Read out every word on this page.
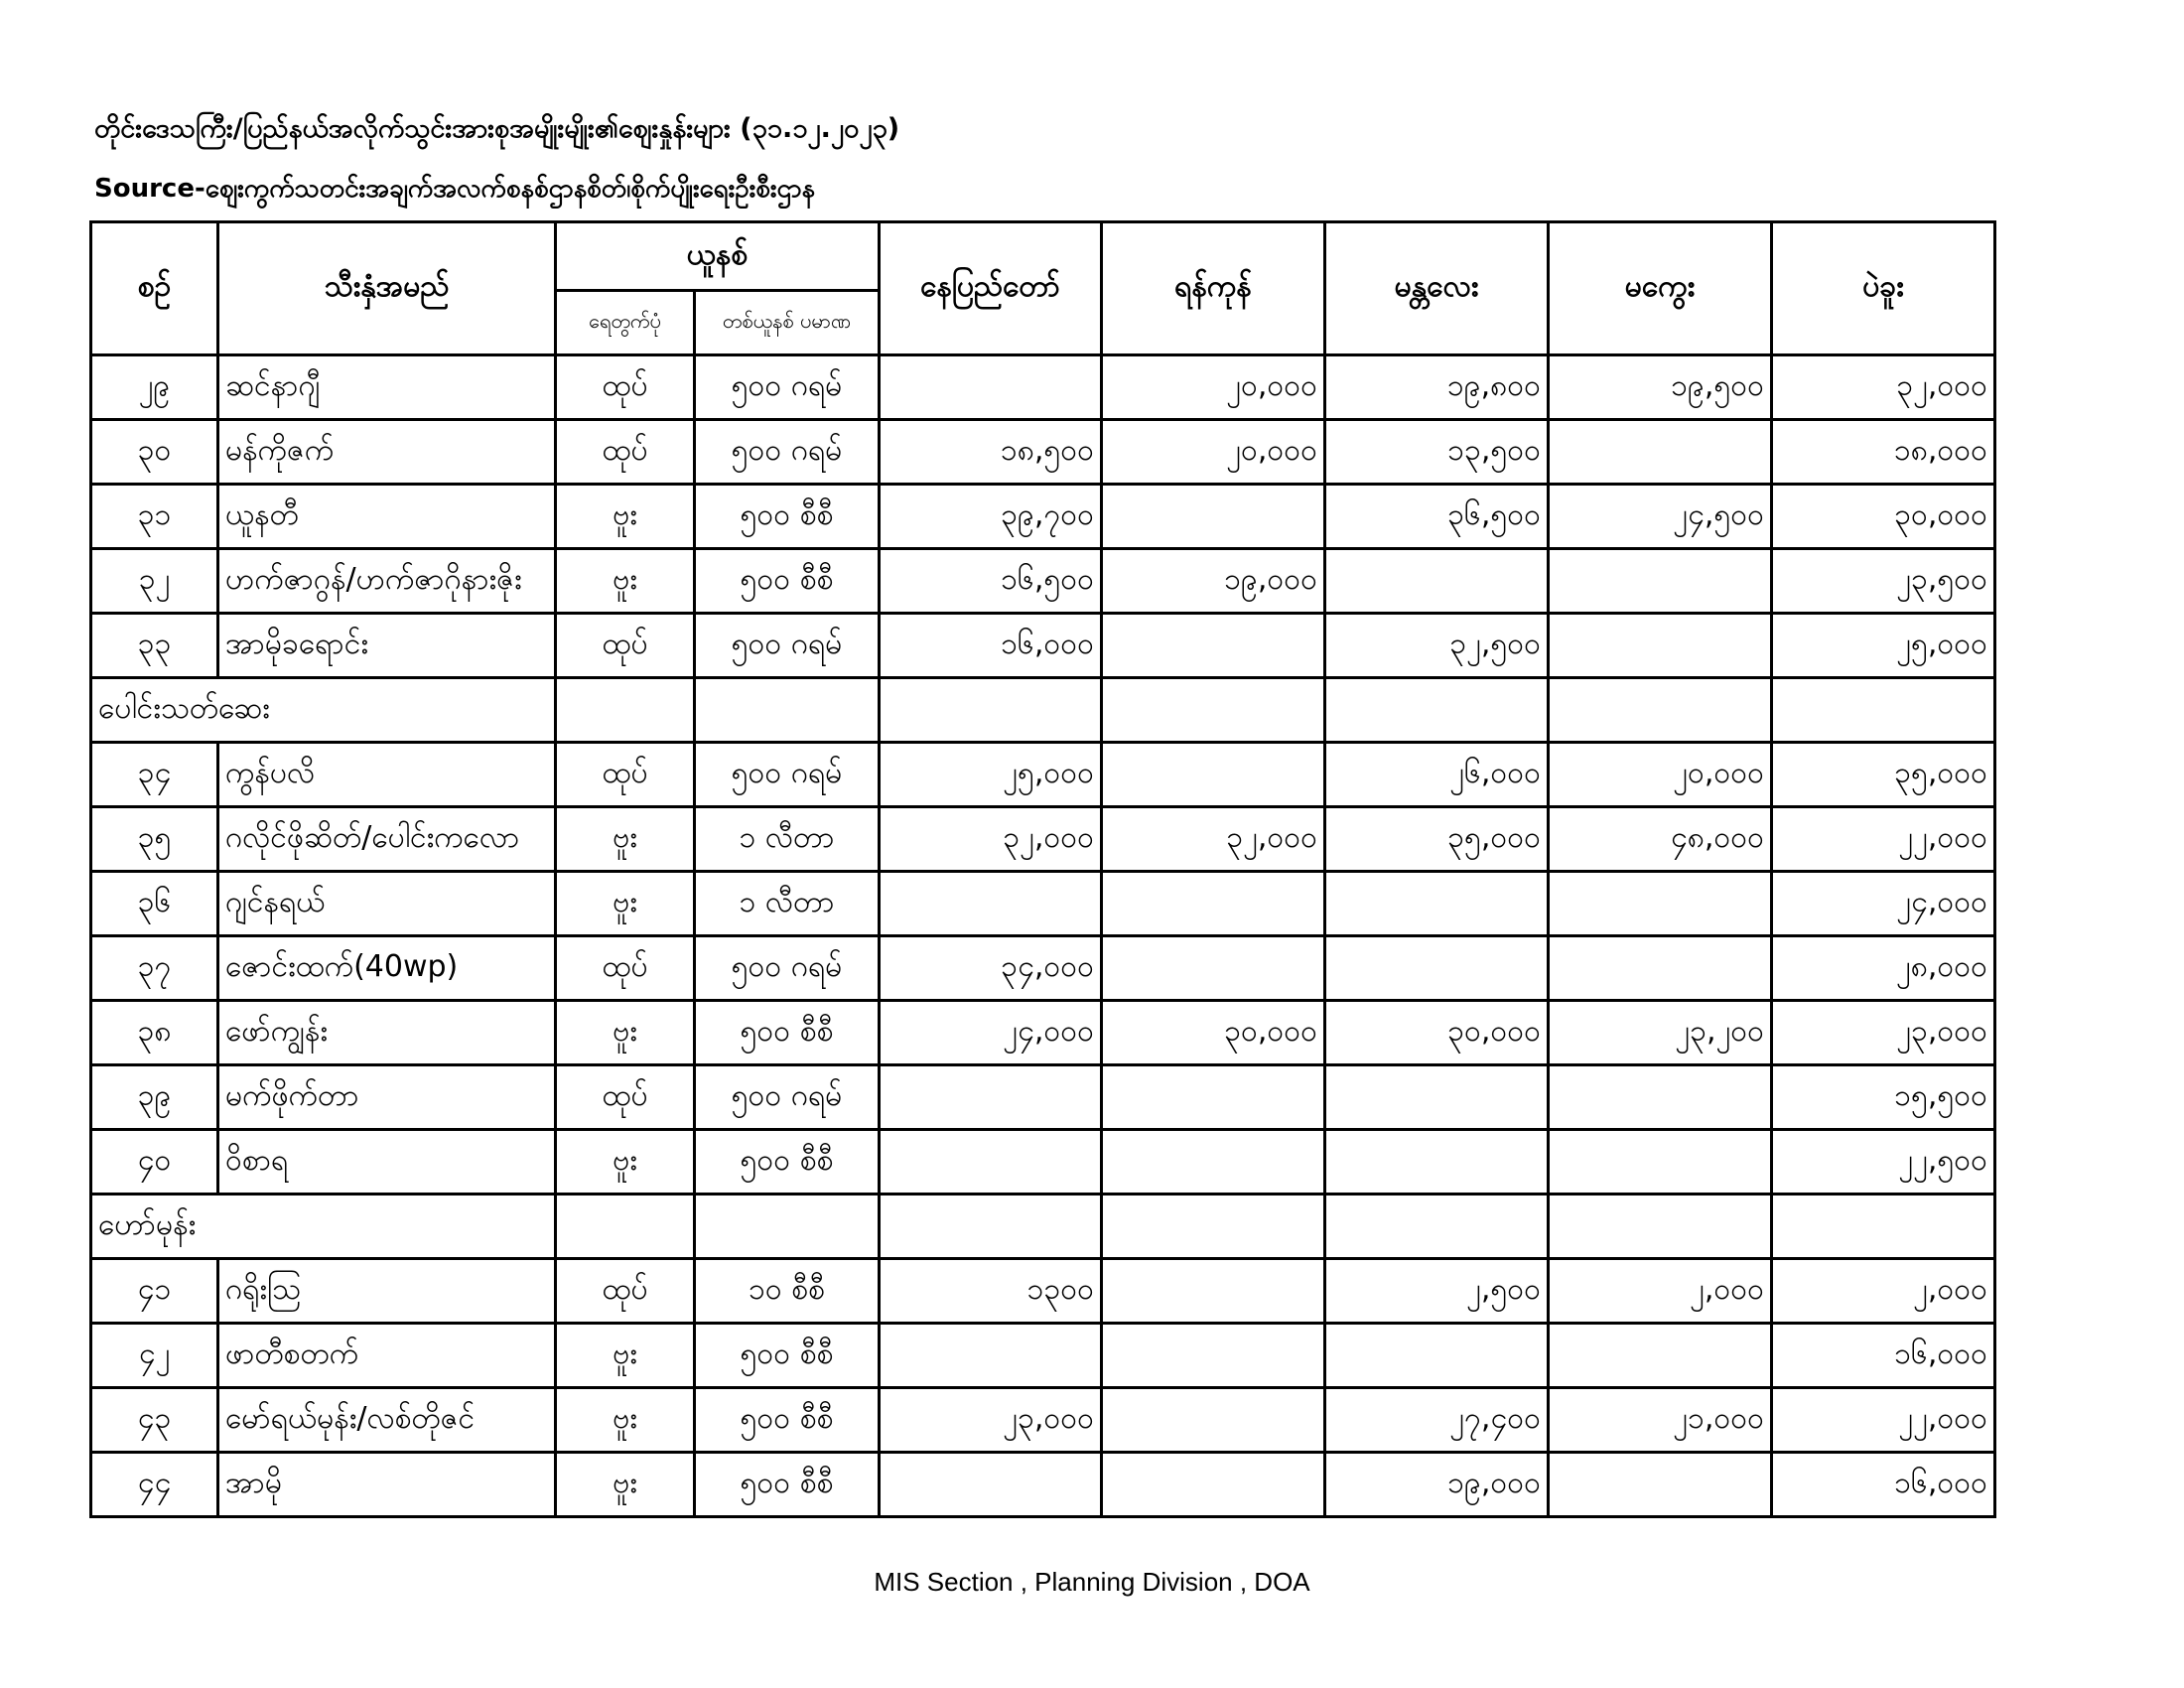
တိုင်းဒေသကြီး/ပြည်နယ်အလိုက်သွင်းအားစုအမျိုးမျိုး၏ဈေးနှုန်းများ (၃၁.၁၂.၂၀၂၃)
Source-ဈေးကွက်သတင်းအချက်အလက်စနစ်ဌာနစိတ်၊စိုက်ပျိုးရေးဦးစီးဌာန
စဉ်	သီးနှံအမည်	ယူနစ်		နေပြည်တော်	ရန်ကုန်	မန္တလေး	မကွေး	ပဲခူး
		ရေတွက်ပုံ	တစ်ယူနစ် ပမာဏ					
၂၉	ဆင်နာဂျီ	ထုပ်	၅၀၀ ဂရမ်		၂၀,၀၀၀	၁၉,၈၀၀	၁၉,၅၀၀	၃၂,၀၀၀
၃၀	မန်ကိုဇက်	ထုပ်	၅၀၀ ဂရမ်	၁၈,၅၀၀	၂၀,၀၀၀	၁၃,၅၀၀		၁၈,၀၀၀
၃၁	ယူနတီ	ဗူး	၅၀၀ စီစီ	၃၉,၇၀၀		၃၆,၅၀၀	၂၄,၅၀၀	၃၀,၀၀၀
၃၂	ဟက်ဇာဂွန်/ဟက်ဇာဂိုနားဇိုး	ဗူး	၅၀၀ စီစီ	၁၆,၅၀၀	၁၉,၀၀၀			၂၃,၅၀၀
၃၃	အာမိုခရောင်း	ထုပ်	၅၀၀ ဂရမ်	၁၆,၀၀၀		၃၂,၅၀၀		၂၅,၀၀၀
ပေါင်းသတ်ဆေး								
၃၄	ကွန်ပလိ	ထုပ်	၅၀၀ ဂရမ်	၂၅,၀၀၀		၂၆,၀၀၀	၂၀,၀၀၀	၃၅,၀၀၀
၃၅	ဂလိုင်ဖိုဆိတ်/ပေါင်းကလော	ဗူး	၁ လီတာ	၃၂,၀၀၀	၃၂,၀၀၀	၃၅,၀၀၀	၄၈,၀၀၀	၂၂,၀၀၀
၃၆	ဂျင်နရယ်	ဗူး	၁ လီတာ					၂၄,၀၀၀
၃၇	ဇောင်းထက်(40wp)	ထုပ်	၅၀၀ ဂရမ်	၃၄,၀၀၀				၂၈,၀၀၀
၃၈	ဖော်ကျွန်း	ဗူး	၅၀၀ စီစီ	၂၄,၀၀၀	၃၀,၀၀၀	၃၀,၀၀၀	၂၃,၂၀၀	၂၃,၀၀၀
၃၉	မက်ဖိုက်တာ	ထုပ်	၅၀၀ ဂရမ်					၁၅,၅၀၀
၄၀	ဝိစာရ	ဗူး	၅၀၀ စီစီ					၂၂,၅၀၀
ဟော်မုန်း								
၄၁	ဂရိုးသြ	ထုပ်	၁၀ စီစီ	၁၃၀၀		၂,၅၀၀	၂,၀၀၀	၂,၀၀၀
၄၂	ဖာတီစတက်	ဗူး	၅၀၀ စီစီ					၁၆,၀၀၀
၄၃	မော်ရယ်မုန်း/လစ်တိုဇင်	ဗူး	၅၀၀ စီစီ	၂၃,၀၀၀		၂၇,၄၀၀	၂၁,၀၀၀	၂၂,၀၀၀
၄၄	အာမို	ဗူး	၅၀၀ စီစီ			၁၉,၀၀၀		၁၆,၀၀၀
MIS Section , Planning Division , DOA
